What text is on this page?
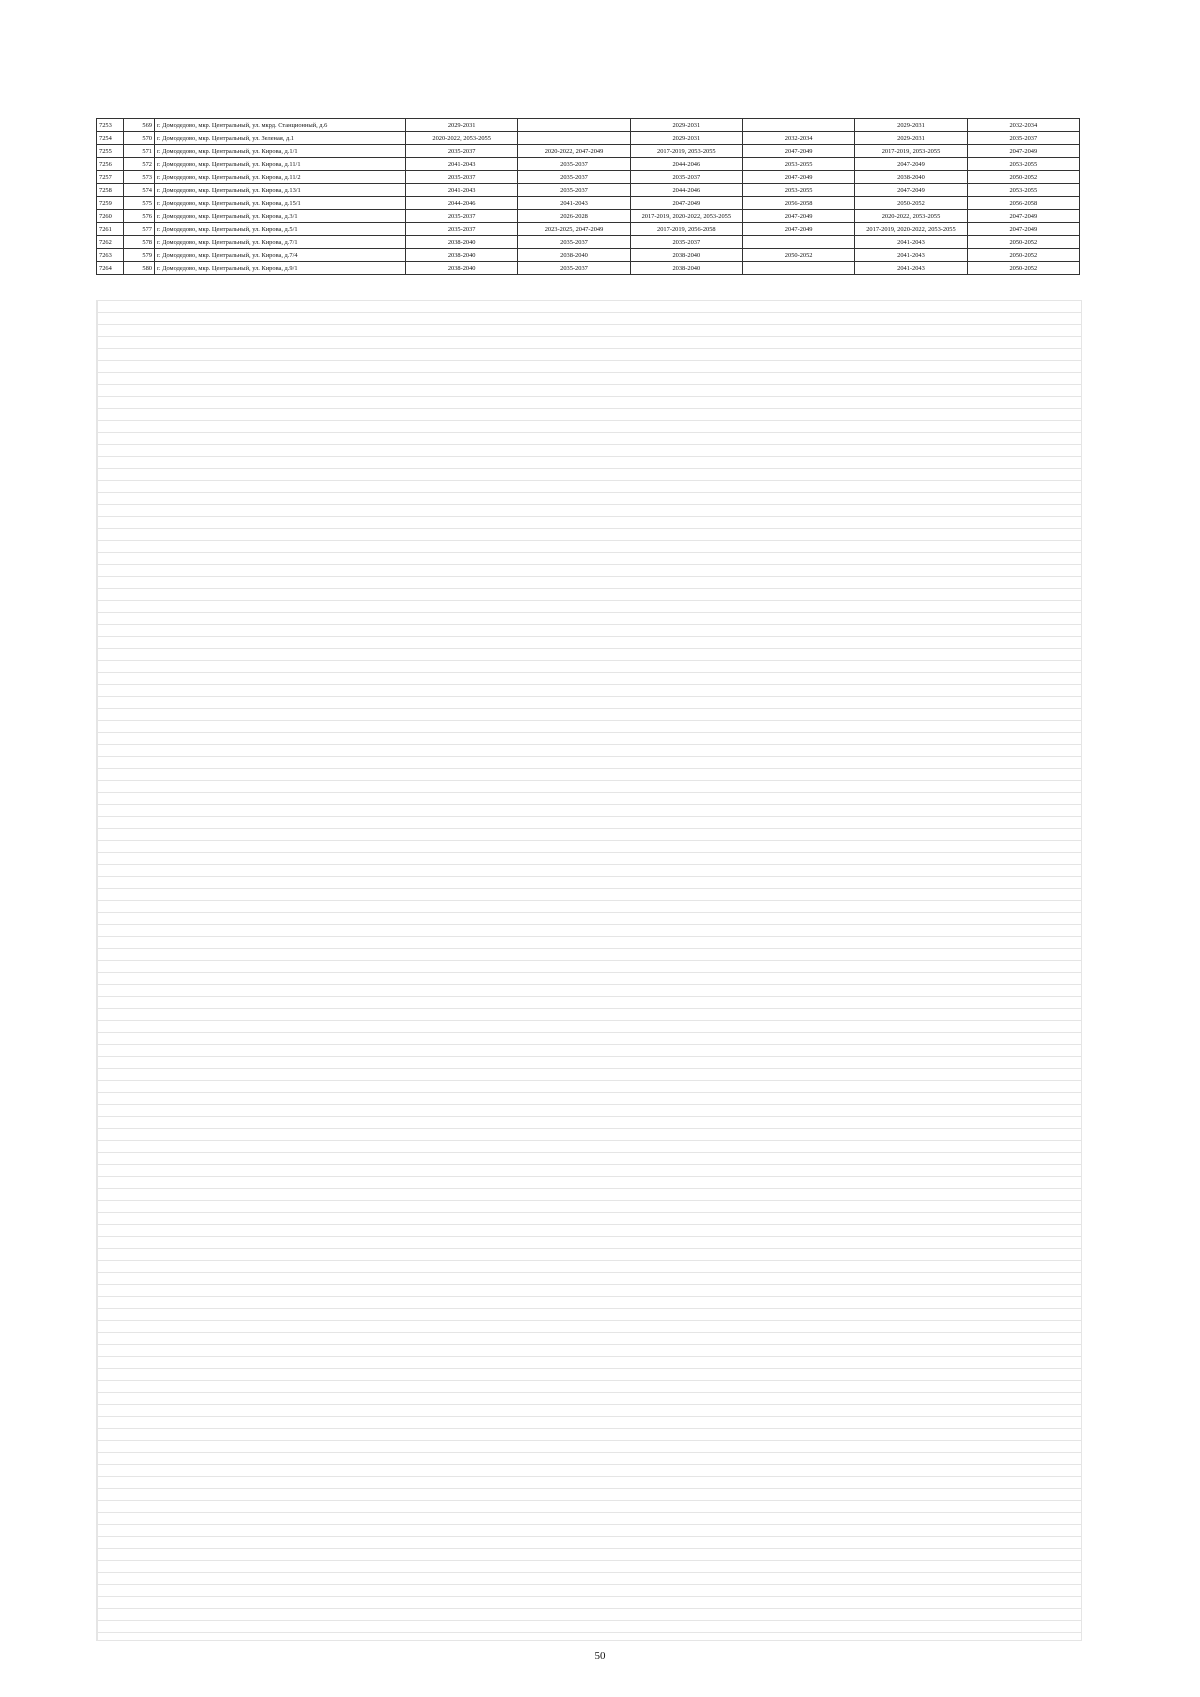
7253	569	г. Домодедово, мкр. Центральный, ул. мкрд. Станционный, д.6	2029-2031		2029-2031		2029-2031	2032-2034
7254	570	г. Домодедово, мкр. Центральный, ул. Зеленая, д.1	2020-2022, 2053-2055		2029-2031	2032-2034	2029-2031	2035-2037
7255	571	г. Домодедово, мкр. Центральный, ул. Кирова, д.1/1	2035-2037	2020-2022, 2047-2049	2017-2019, 2053-2055	2047-2049	2017-2019, 2053-2055	2047-2049
7256	572	г. Домодедово, мкр. Центральный, ул. Кирова, д.11/1	2041-2043	2035-2037	2044-2046	2053-2055	2047-2049	2053-2055
7257	573	г. Домодедово, мкр. Центральный, ул. Кирова, д.11/2	2035-2037	2035-2037	2035-2037	2047-2049	2038-2040	2050-2052
7258	574	г. Домодедово, мкр. Центральный, ул. Кирова, д.13/1	2041-2043	2035-2037	2044-2046	2053-2055	2047-2049	2053-2055
7259	575	г. Домодедово, мкр. Центральный, ул. Кирова, д.15/1	2044-2046	2041-2043	2047-2049	2056-2058	2050-2052	2056-2058
7260	576	г. Домодедово, мкр. Центральный, ул. Кирова, д.3/1	2035-2037	2026-2028	2017-2019, 2020-2022, 2053-2055	2047-2049	2020-2022, 2053-2055	2047-2049
7261	577	г. Домодедово, мкр. Центральный, ул. Кирова, д.5/1	2035-2037	2023-2025, 2047-2049	2017-2019, 2056-2058	2047-2049	2017-2019, 2020-2022, 2053-2055	2047-2049
7262	578	г. Домодедово, мкр. Центральный, ул. Кирова, д.7/1	2038-2040	2035-2037	2035-2037		2041-2043	2050-2052
7263	579	г. Домодедово, мкр. Центральный, ул. Кирова, д.7/4	2038-2040	2038-2040	2038-2040	2050-2052	2041-2043	2050-2052
7264	580	г. Домодедово, мкр. Центральный, ул. Кирова, д.9/1	2038-2040	2035-2037	2038-2040		2041-2043	2050-2052
50
